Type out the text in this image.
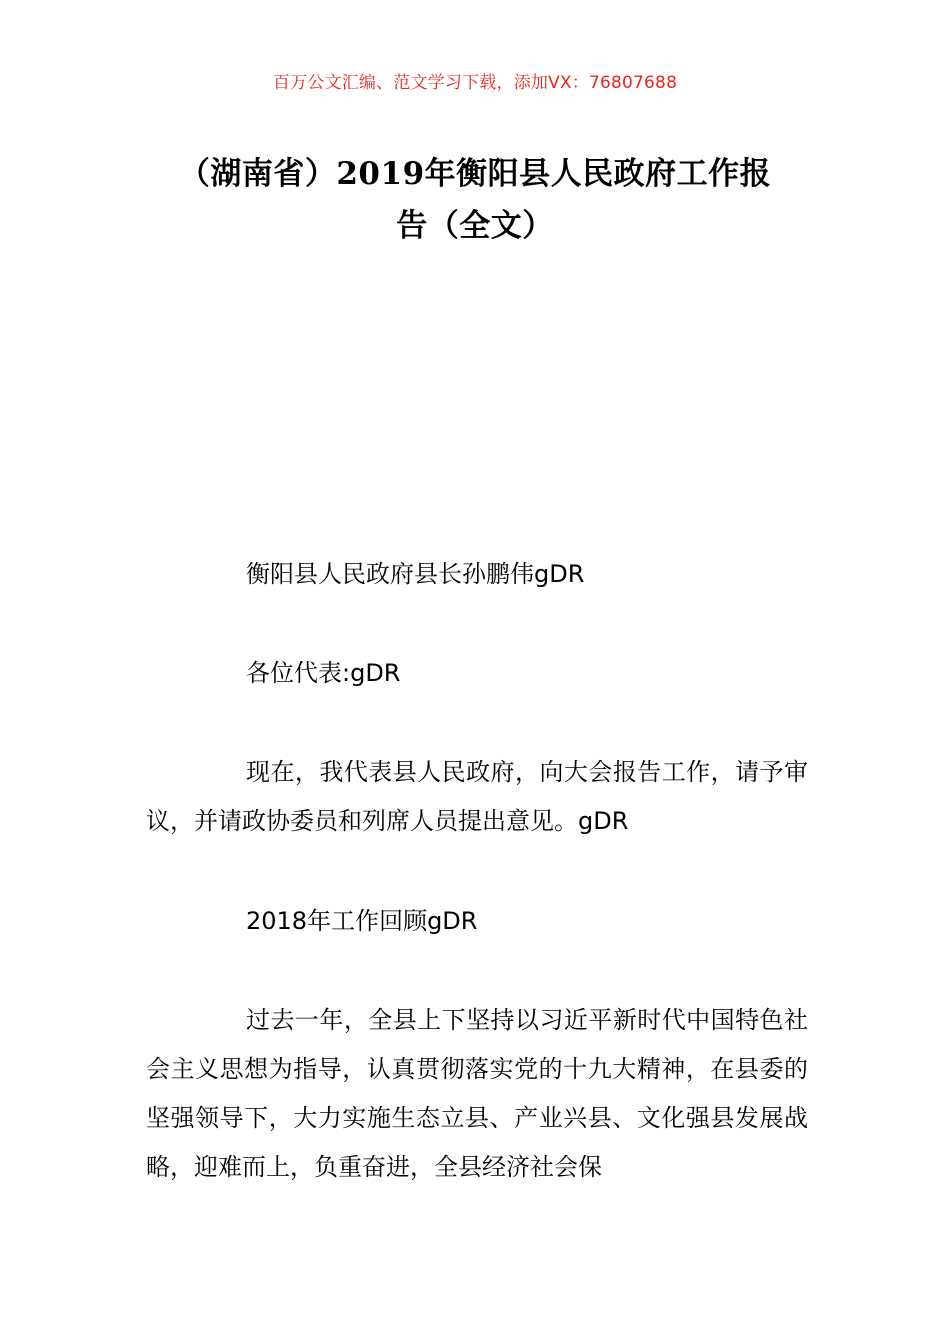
百万公文汇编、范文学习下载，添加VX：76807688
（湖南省）2019年衡阳县人民政府工作报
告（全文）
衡阳县人民政府县长孙鹏伟gDR
各位代表:gDR
现在，我代表县人民政府，向大会报告工作，请予审议，并请政协委员和列席人员提出意见。gDR
2018年工作回顾gDR
过去一年，全县上下坚持以习近平新时代中国特色社会主义思想为指导，认真贯彻落实党的十九大精神，在县委的坚强领导下，大力实施生态立县、产业兴县、文化强县发展战略，迎难而上，负重奋进，全县经济社会保
